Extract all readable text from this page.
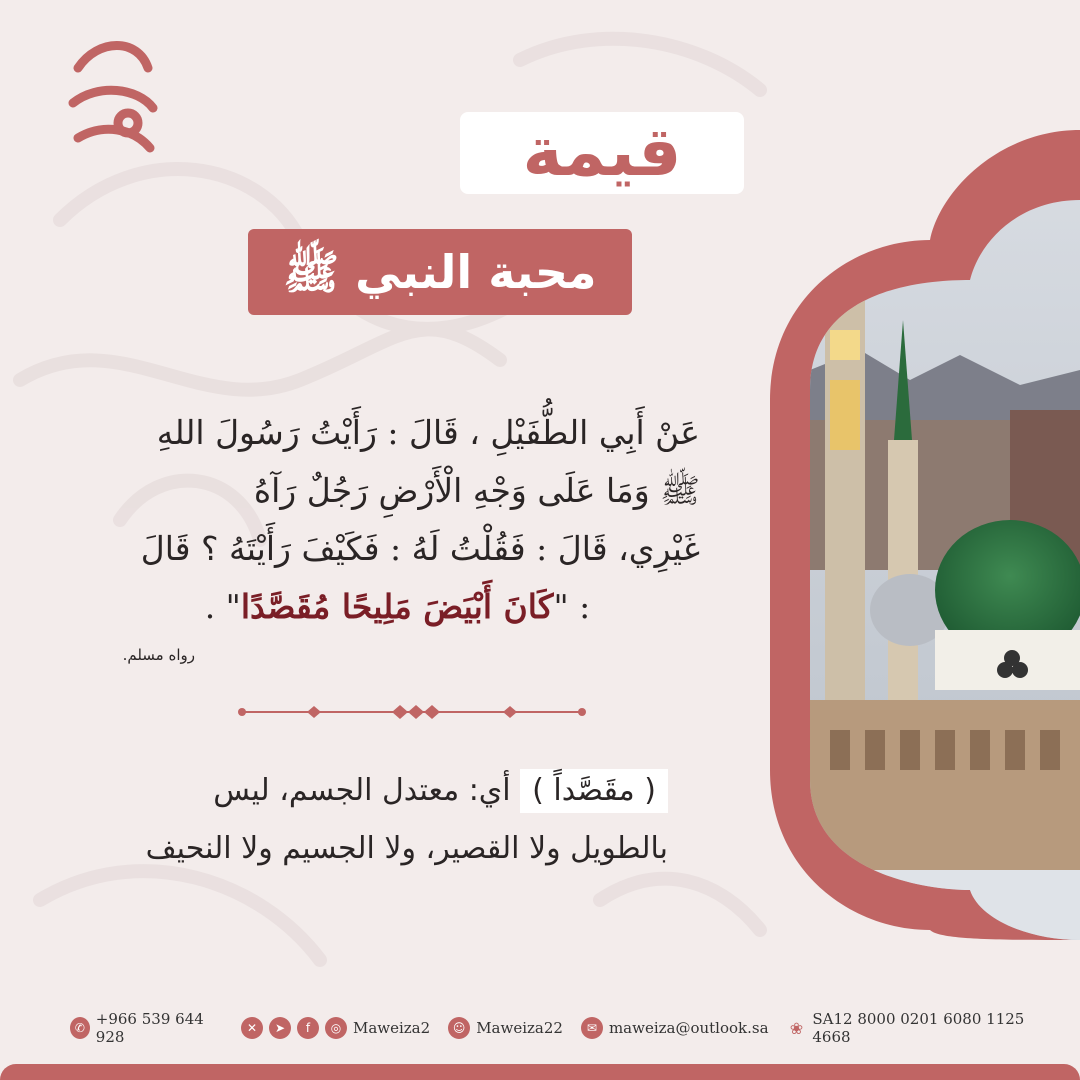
قيمة
محبة النبي ﷺ
عَنْ أَبِي الطُّفَيْلِ ، قَالَ : رَأَيْتُ رَسُولَ اللهِ
ﷺ وَمَا عَلَى وَجْهِ الْأَرْضِ رَجُلٌ رَآهُ
غَيْرِي، قَالَ : فَقُلْتُ لَهُ : فَكَيْفَ رَأَيْتَهُ ؟ قَالَ
: "كَانَ أَبْيَضَ مَلِيحًا مُقَصَّدًا" .
رواه مسلم.
( مقَصَّداً ) أي: معتدل الجسم، ليس
بالطويل ولا القصير، ولا الجسيم ولا النحيف
✆ +966 539 644 928	✕	➤	f	◎ Maweiza2	☺ Maweiza22	✉ maweiza@outlook.sa ❀ SA12 8000 0201 6080 1125 4668
